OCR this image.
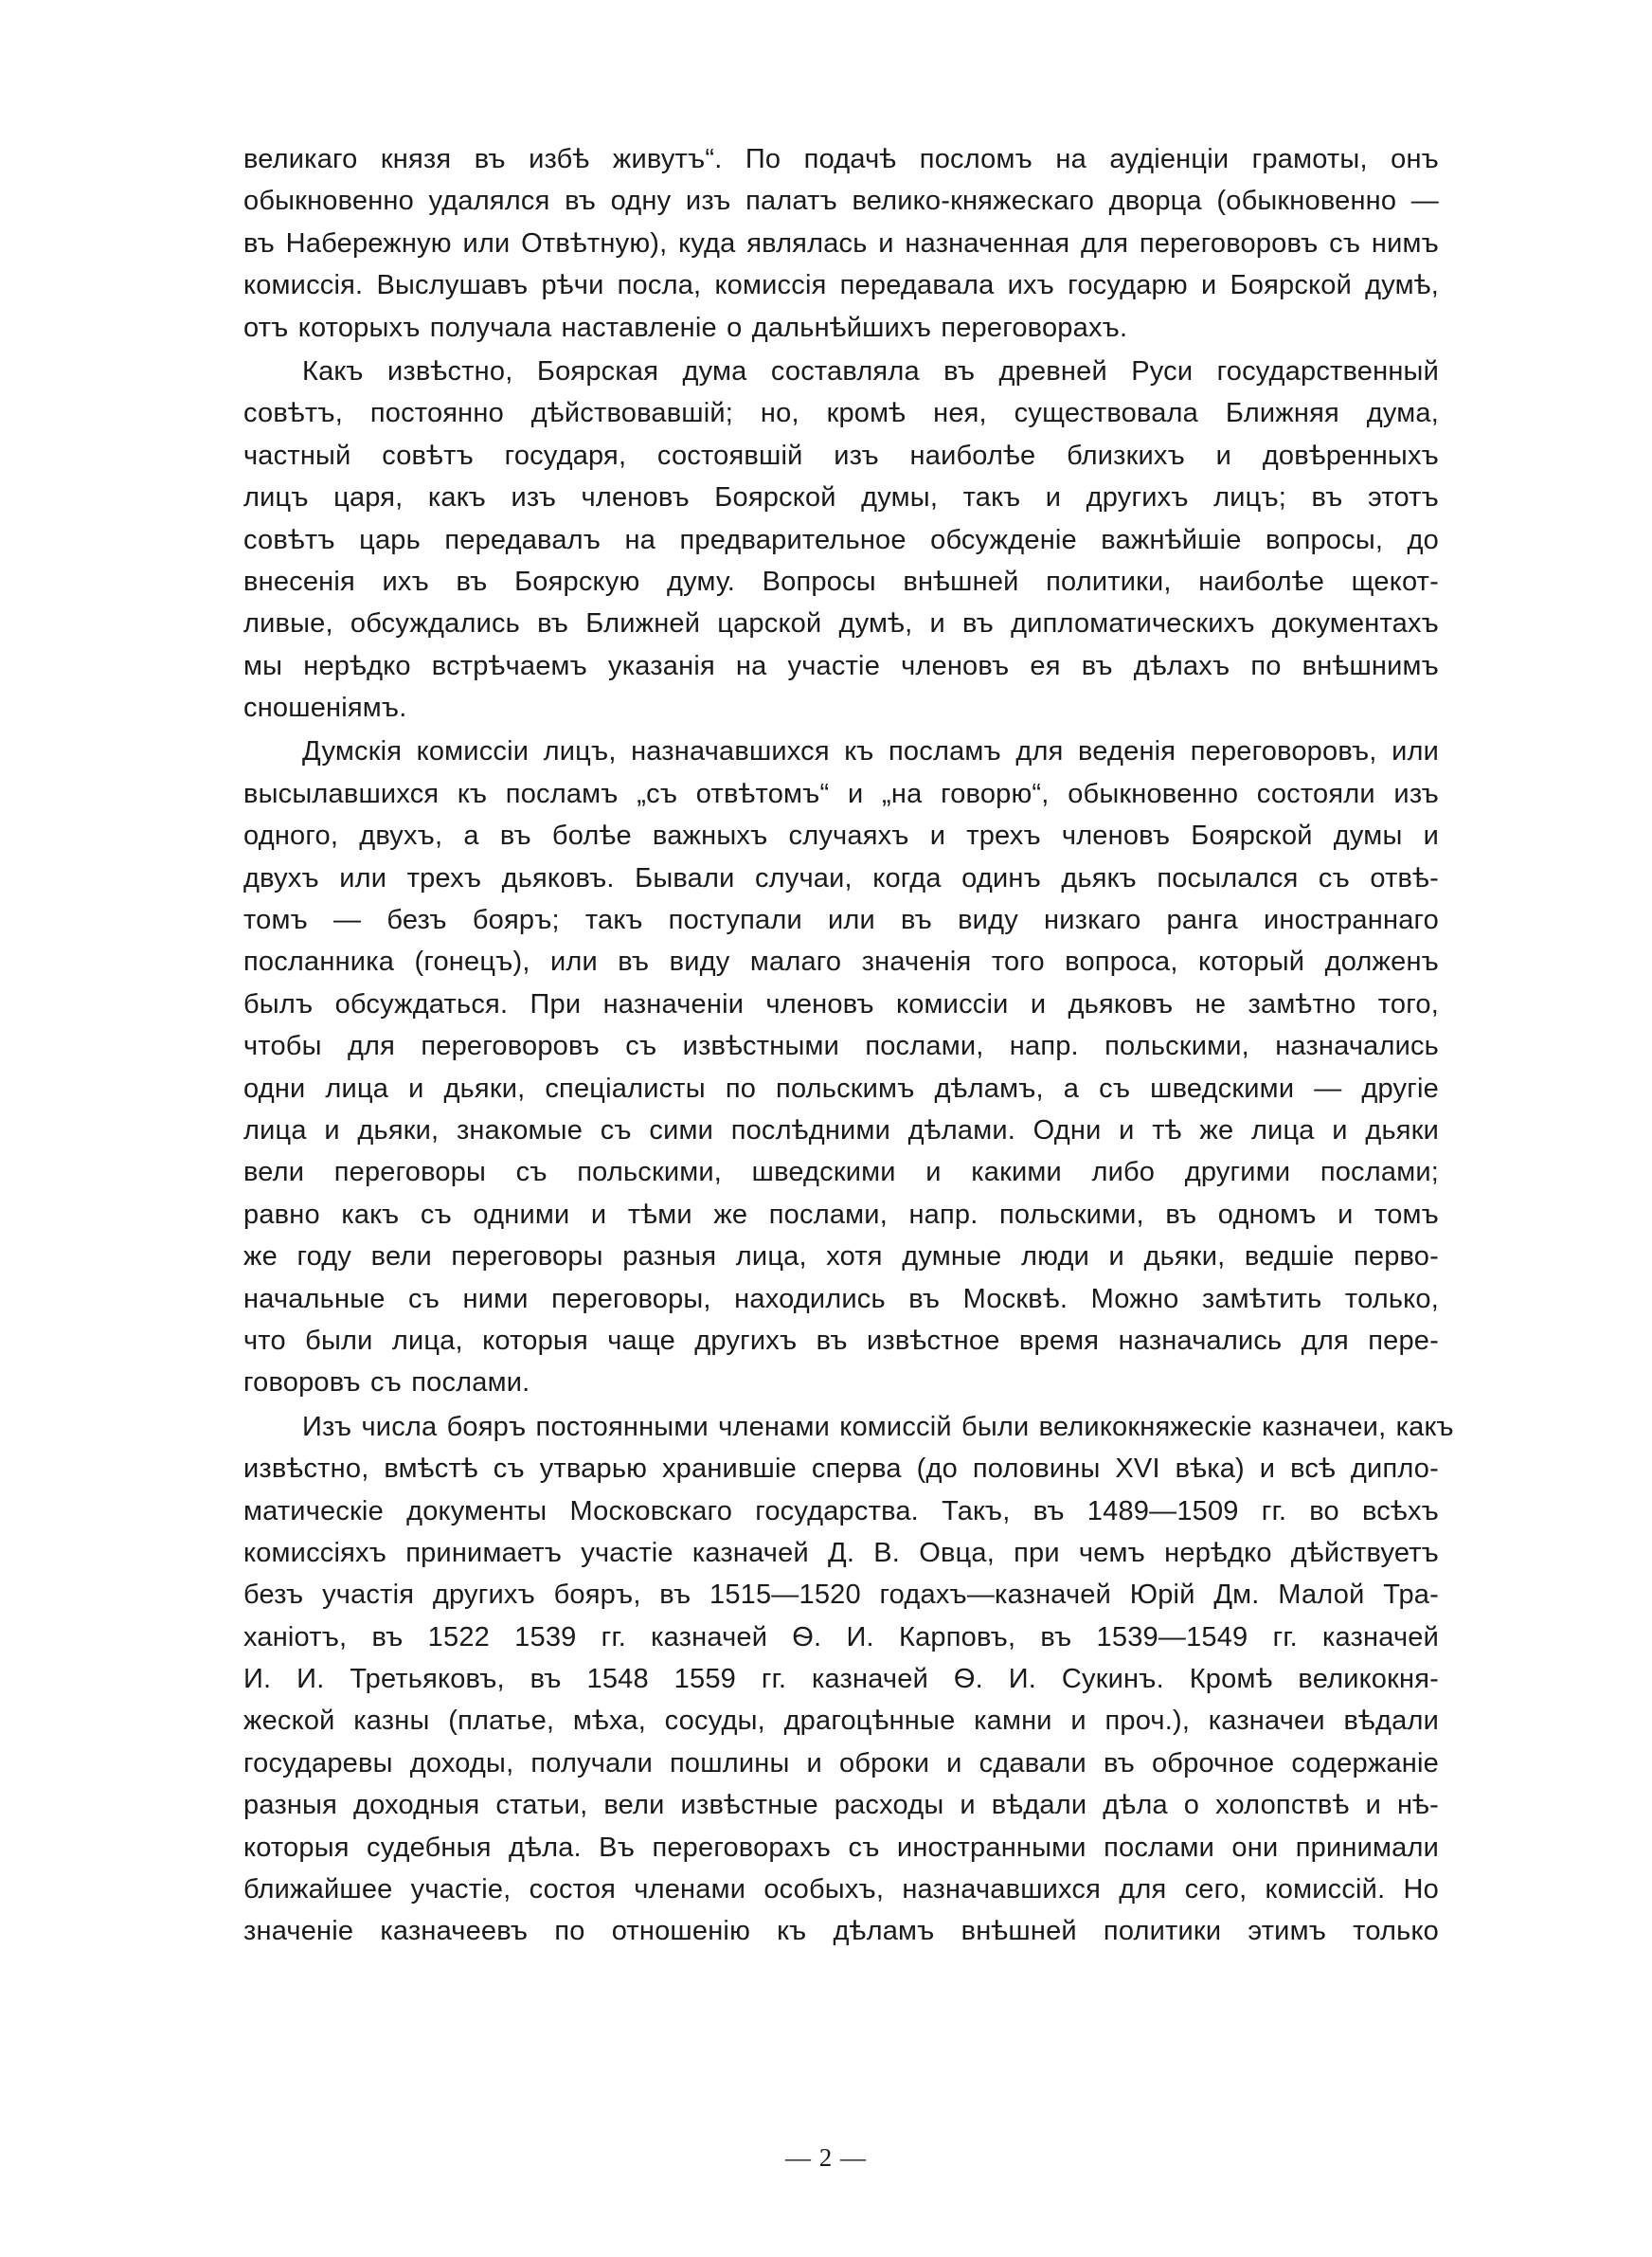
великаго князя въ избѣ живутъ“. По подачѣ посломъ на аудіенціи грамоты, онъ
обыкновенно удалялся въ одну изъ палатъ велико-княжескаго дворца (обыкновенно —
въ Набережную или Отвѣтную), куда являлась и назначенная для переговоровъ съ нимъ
комиссія. Выслушавъ рѣчи посла, комиссія передавала ихъ государю и Боярской думѣ,
отъ которыхъ получала наставленіе о дальнѣйшихъ переговорахъ.
Какъ извѣстно, Боярская дума составляла въ древней Руси государственный
совѣтъ, постоянно дѣйствовавшій; но, кромѣ нея, существовала Ближняя дума,
частный совѣтъ государя, состоявшій изъ наиболѣе близкихъ и довѣренныхъ
лицъ царя, какъ изъ членовъ Боярской думы, такъ и другихъ лицъ; въ этотъ
совѣтъ царь передавалъ на предварительное обсужденіе важнѣйшіе вопросы, до
внесенія ихъ въ Боярскую думу. Вопросы внѣшней политики, наиболѣе щекот-
ливые, обсуждались въ Ближней царской думѣ, и въ дипломатическихъ документахъ
мы нерѣдко встрѣчаемъ указанія на участіе членовъ ея въ дѣлахъ по внѣшнимъ
сношеніямъ.
Думскія комиссіи лицъ, назначавшихся къ посламъ для веденія переговоровъ, или
высылавшихся къ посламъ „съ отвѣтомъ“ и „на говорю“, обыкновенно состояли изъ
одного, двухъ, а въ болѣе важныхъ случаяхъ и трехъ членовъ Боярской думы и
двухъ или трехъ дьяковъ. Бывали случаи, когда одинъ дьякъ посылался съ отвѣ-
томъ — безъ бояръ; такъ поступали или въ виду низкаго ранга иностраннаго
посланника (гонецъ), или въ виду малаго значенія того вопроса, который долженъ
былъ обсуждаться. При назначеніи членовъ комиссіи и дьяковъ не замѣтно того,
чтобы для переговоровъ съ извѣстными послами, напр. польскими, назначались
одни лица и дьяки, спеціалисты по польскимъ дѣламъ, а съ шведскими — другіе
лица и дьяки, знакомые съ сими послѣдними дѣлами. Одни и тѣ же лица и дьяки
вели переговоры съ польскими, шведскими и какими либо другими послами;
равно какъ съ одними и тѣми же послами, напр. польскими, въ одномъ и томъ
же году вели переговоры разныя лица, хотя думные люди и дьяки, ведшіе перво-
начальные съ ними переговоры, находились въ Москвѣ. Можно замѣтить только,
что были лица, которыя чаще другихъ въ извѣстное время назначались для пере-
говоровъ съ послами.
Изъ числа бояръ постоянными членами комиссій были великокняжескіе казначеи, какъ
извѣстно, вмѣстѣ съ утварью хранившіе сперва (до половины XVI вѣка) и всѣ дипло-
матическіе документы Московскаго государства. Такъ, въ 1489—1509 гг. во всѣхъ
комиссіяхъ принимаетъ участіе казначей Д. В. Овца, при чемъ нерѣдко дѣйствуетъ
безъ участія другихъ бояръ, въ 1515—1520 годахъ—казначей Юрій Дм. Малой Тра-
ханіотъ, въ 1522 1539 гг. казначей Ѳ. И. Карповъ, въ 1539—1549 гг. казначей
И. И. Третьяковъ, въ 1548 1559 гг. казначей Ѳ. И. Сукинъ. Кромѣ великокня-
жеской казны (платье, мѣха, сосуды, драгоцѣнные камни и проч.), казначеи вѣдали
государевы доходы, получали пошлины и оброки и сдавали въ оброчное содержаніе
разныя доходныя статьи, вели извѣстные расходы и вѣдали дѣла о холопствѣ и нѣ-
которыя судебныя дѣла. Въ переговорахъ съ иностранными послами они принимали
ближайшее участіе, состоя членами особыхъ, назначавшихся для сего, комиссій. Но
значеніе казначеевъ по отношенію къ дѣламъ внѣшней политики этимъ только
— 2 —
